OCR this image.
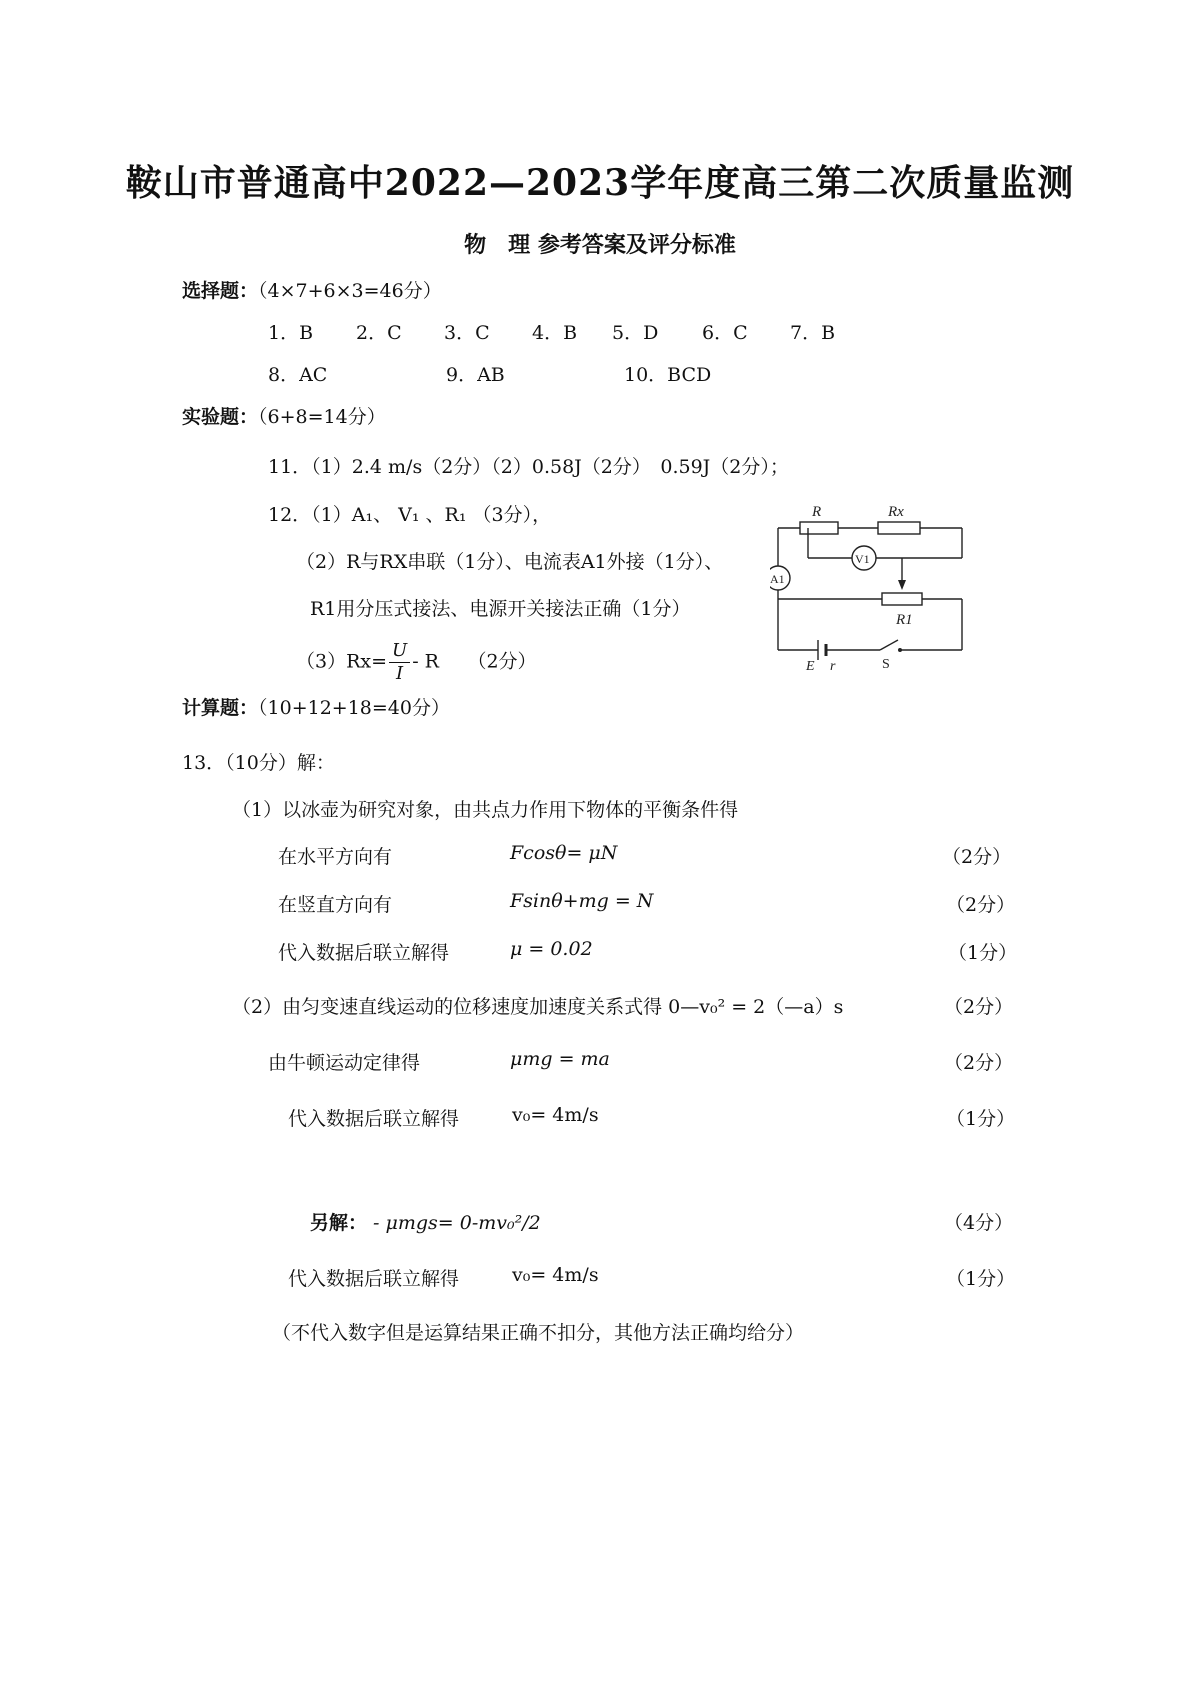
鞍山市普通高中2022—2023学年度高三第二次质量监测
物　理 参考答案及评分标准
选择题：（4×7+6×3=46分）
1．B 2．C 3．C 4．B 5．D 6．C 7．B
8．AC	9．AB	10．BCD
实验题：（6+8=14分）
11．（1）2.4 m/s（2分）（2）0.58J（2分）　0.59J（2分）；
12．（1）A₁、 V₁ 、R₁ （3分），
（2）R与RX串联（1分）、电流表A1外接（1分）、
R1用分压式接法、电源开关接法正确（1分）
$(3)Rx= \frac{U}{I} - R$　　（2分）
R	Rx
V1
A1
R1
E r	S
计算题：（10+12+18=40分）
13．（10分）解：
（1）以冰壶为研究对象，由共点力作用下物体的平衡条件得
在水平方向有	Fcosθ= μN	（2分）
在竖直方向有	Fsinθ+mg = N	（2分）
代入数据后联立解得	μ = 0.02	（1分）
（2）由匀变速直线运动的位移速度加速度关系式得 0—v₀² = 2（—a）s	（2分）
由牛顿运动定律得	μmg = ma	（2分）
代入数据后联立解得	v₀= 4m/s	（1分）
另解： - μmgs= 0-mv₀²/2	（4分）
代入数据后联立解得	v₀= 4m/s	（1分）
（不代入数字但是运算结果正确不扣分，其他方法正确均给分）
